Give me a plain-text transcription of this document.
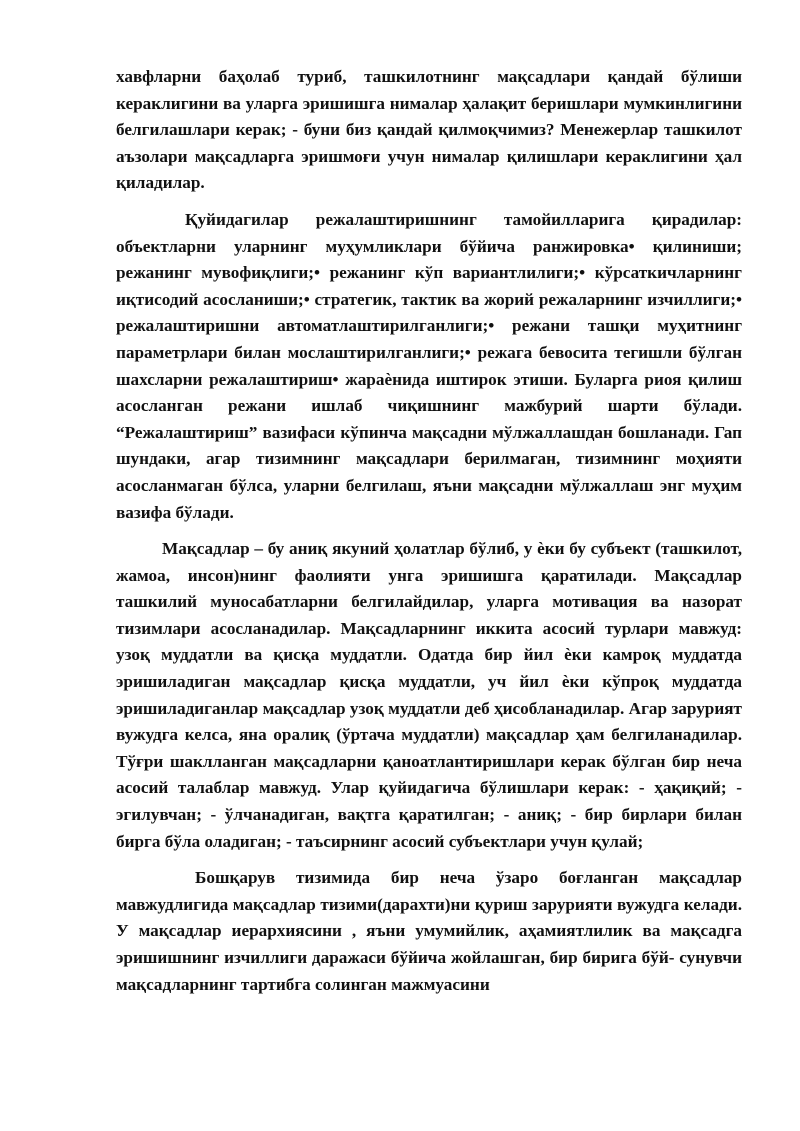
хавфларни баҳолаб туриб, ташкилотнинг мақсадлари қандай бўлиши кераклигини ва уларга эришишга нималар ҳалақит беришлари мумкинлигини белгилашлари керак; - буни биз қандай қилмоқчимиз? Менежерлар ташкилот аъзолари мақсадларга эришмоғи учун нималар қилишлари кераклигини ҳал қиладилар.

Қуйидагилар режалаштиришнинг тамойилларига қирадилар: объектларни уларнинг муҳумликлари бўйича ранжировка• қилиниши; режанинг мувофиқлиги;• режанинг кўп вариантлилиги;• кўрсаткичларнинг иқтисодий асосланиши;• стратегик, тактик ва жорий режаларнинг изчиллиги;• режалаштиришни автоматлаштирилганлиги;• режани ташқи муҳитнинг параметрлари билан мослаштирилганлиги;• режага бевосита тегишли бўлган шахсларни режалаштириш• жараѐнида иштирок этиши. Буларга риоя қилиш асосланган режани ишлаб чиқишнинг мажбурий шарти бўлади. “Режалаштириш” вазифаси кўпинча мақсадни мўлжаллашдан бошланади. Гап шундаки, агар тизимнинг мақсадлари берилмаган, тизимнинг моҳияти асосланмаган бўлса, уларни белгилаш, яъни мақсадни мўлжаллаш энг муҳим вазифа бўлади.

Мақсадлар – бу аниқ якуний ҳолатлар бўлиб, у ѐки бу субъект (ташкилот, жамоа, инсон)нинг фаолияти унга эришишга қаратилади. Мақсадлар ташкилий муносабатларни белгилайдилар, уларга мотивация ва назорат тизимлари асосланадилар. Мақсадларнинг иккита асосий турлари мавжуд: узоқ муддатли ва қисқа муддатли. Одатда бир йил ѐки камроқ муддатда эришиладиган мақсадлар қисқа муддатли, уч йил ѐки кўпроқ муддатда эришиладиганлар мақсадлар узоқ муддатли деб ҳисобланадилар. Агар зарурият вужудга келса, яна оралиқ (ўртача муддатли) мақсадлар ҳам белгиланадилар. Тўғри шаклланган мақсадларни қаноатлантиришлари керак бўлган бир неча асосий талаблар мавжуд. Улар қуйидагича бўлишлари керак: - ҳақиқий; - эгилувчан; - ўлчанадиган, вақтга қаратилган; - аниқ; - бир бирлари билан бирга бўла оладиган; - таъсирнинг асосий субъектлари учун қулай;

Бошқарув тизимида бир неча ўзаро боғланган мақсадлар мавжудлигида мақсадлар тизими(дарахти)ни қуриш зарурияти вужудга келади. У мақсадлар иерархиясини , яъни умумийлик, аҳамиятлилик ва мақсадга эришишнинг изчиллиги даражаси бўйича жойлашган, бир бирига бўй- сунувчи мақсадларнинг тартибга солинган мажмуасини
